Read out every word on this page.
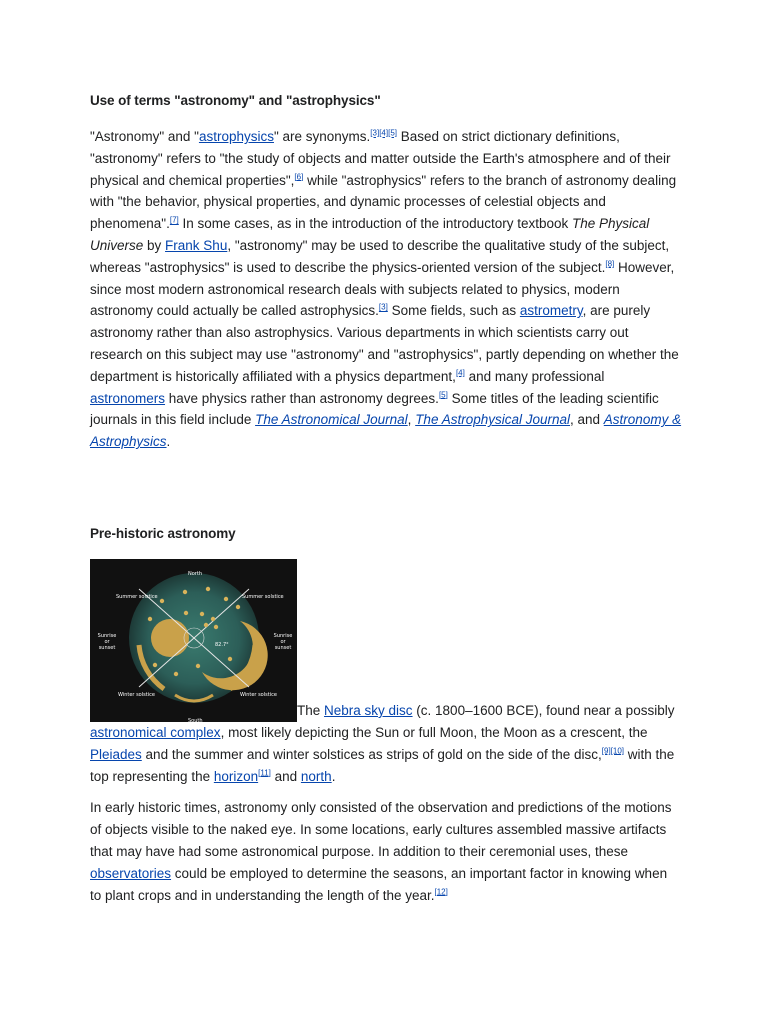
Use of terms "astronomy" and "astrophysics"

"Astronomy" and "astrophysics" are synonyms.[3][4][5] Based on strict dictionary definitions, "astronomy" refers to "the study of objects and matter outside the Earth's atmosphere and of their physical and chemical properties",[6] while "astrophysics" refers to the branch of astronomy dealing with "the behavior, physical properties, and dynamic processes of celestial objects and phenomena".[7] In some cases, as in the introduction of the introductory textbook The Physical Universe by Frank Shu, "astronomy" may be used to describe the qualitative study of the subject, whereas "astrophysics" is used to describe the physics-oriented version of the subject.[8] However, since most modern astronomical research deals with subjects related to physics, modern astronomy could actually be called astrophysics.[3] Some fields, such as astrometry, are purely astronomy rather than also astrophysics. Various departments in which scientists carry out research on this subject may use "astronomy" and "astrophysics", partly depending on whether the department is historically affiliated with a physics department,[4] and many professional astronomers have physics rather than astronomy degrees.[5] Some titles of the leading scientific journals in this field include The Astronomical Journal, The Astrophysical Journal, and Astronomy & Astrophysics.

Pre-historic astronomy

North
South
Summer solstice	Summer solstice
Winter solstice	Winter solstice
Sunrise or sunset
Sunrise or sunset
82.7°
The Nebra sky disc (c. 1800–1600 BCE), found near a possibly astronomical complex, most likely depicting the Sun or full Moon, the Moon as a crescent, the Pleiades and the summer and winter solstices as strips of gold on the side of the disc,[9][10] with the top representing the horizon[11] and north.

In early historic times, astronomy only consisted of the observation and predictions of the motions of objects visible to the naked eye. In some locations, early cultures assembled massive artifacts that may have had some astronomical purpose. In addition to their ceremonial uses, these observatories could be employed to determine the seasons, an important factor in knowing when to plant crops and in understanding the length of the year.[12]
